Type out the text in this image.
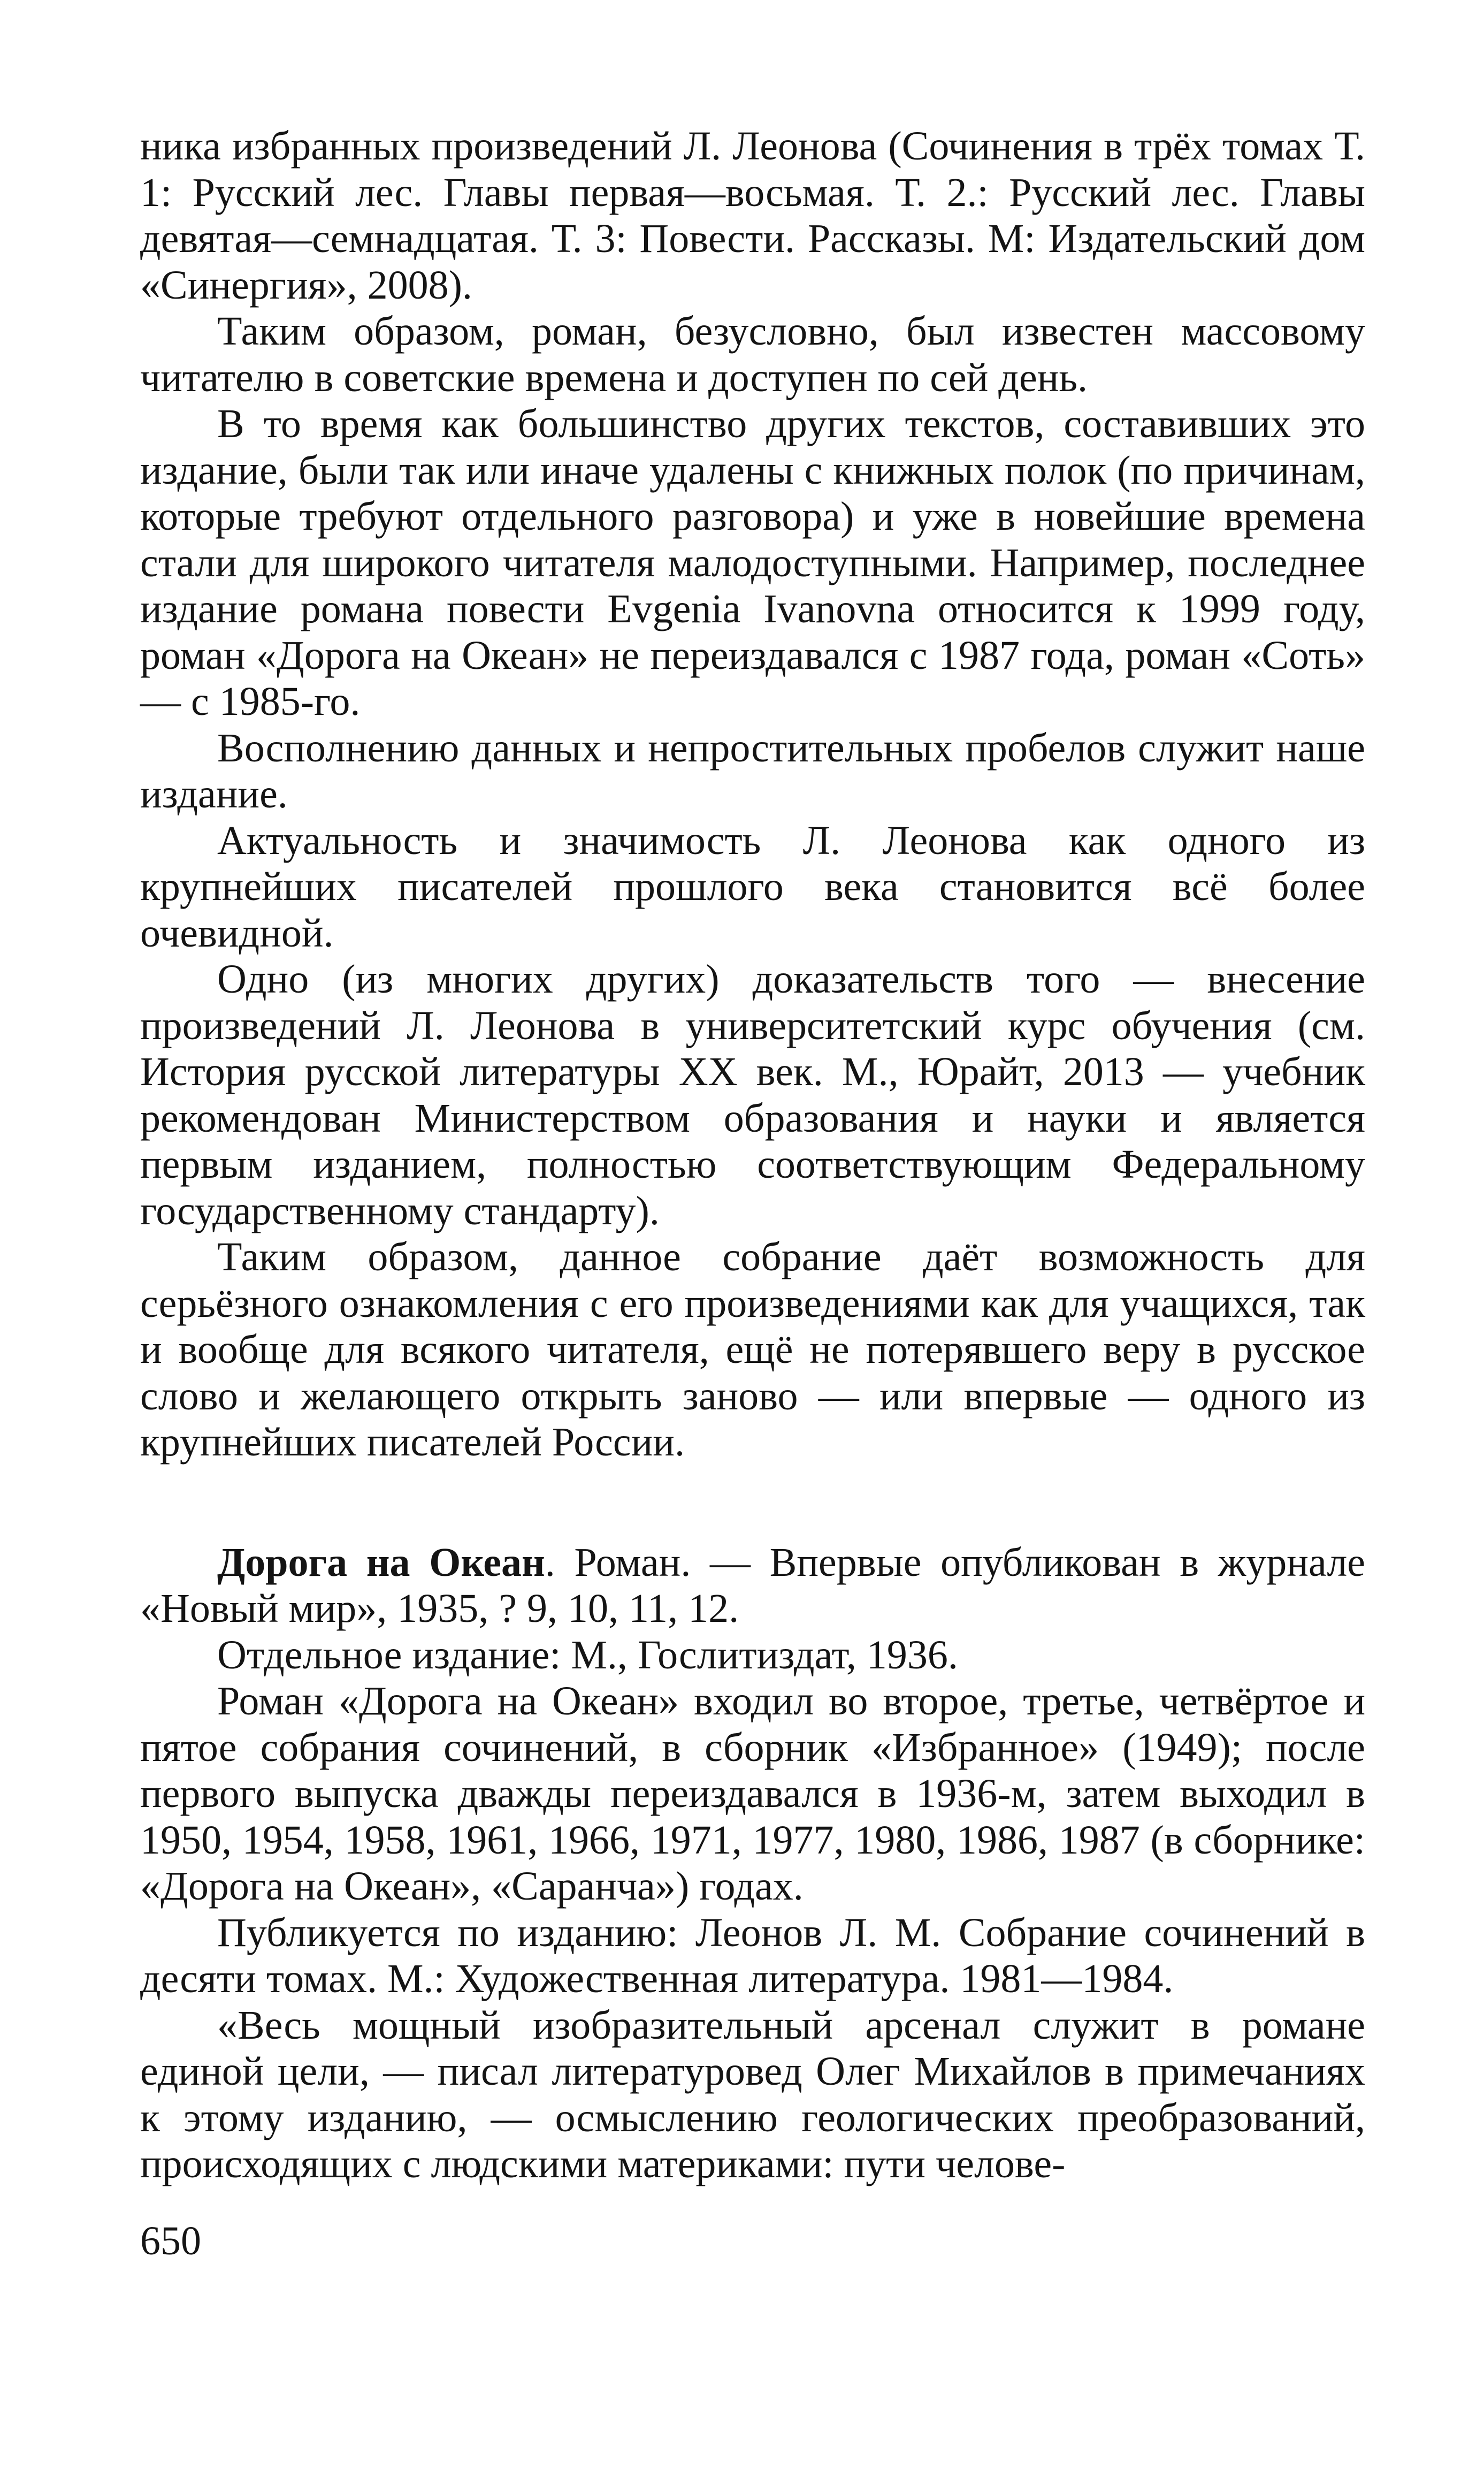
ника избранных произведений Л. Леонова (Сочинения в трёх томах Т. 1: Русский лес. Главы первая—восьмая. Т. 2.: Русский лес. Главы девятая—семнадцатая. Т. 3: Повести. Рассказы. М: Издательский дом «Синергия», 2008).

Таким образом, роман, безусловно, был известен массовому читателю в советские времена и доступен по сей день.

В то время как большинство других текстов, составивших это издание, были так или иначе удалены с книжных полок (по причинам, которые требуют отдельного разговора) и уже в новейшие времена стали для широкого читателя малодоступными. Например, последнее издание романа повести Evgenia Ivanovna относится к 1999 году, роман «Дорога на Океан» не переиздавался с 1987 года, роман «Соть» — с 1985-го.

Восполнению данных и непростительных пробелов служит наше издание.

Актуальность и значимость Л. Леонова как одного из крупнейших писателей прошлого века становится всё более очевидной.

Одно (из многих других) доказательств того — внесение произведений Л. Леонова в университетский курс обучения (см. История русской литературы XX век. М., Юрайт, 2013 — учебник рекомендован Министерством образования и науки и является первым изданием, полностью соответствующим Федеральному государственному стандарту).

Таким образом, данное собрание даёт возможность для серьёзного ознакомления с его произведениями как для учащихся, так и вообще для всякого читателя, ещё не потерявшего веру в русское слово и желающего открыть заново — или впервые — одного из крупнейших писателей России.

Дорога на Океан. Роман. — Впервые опубликован в журнале «Новый мир», 1935, ? 9, 10, 11, 12.

Отдельное издание: М., Гослитиздат, 1936.

Роман «Дорога на Океан» входил во второе, третье, четвёртое и пятое собрания сочинений, в сборник «Избранное» (1949); после первого выпуска дважды переиздавался в 1936-м, затем выходил в 1950, 1954, 1958, 1961, 1966, 1971, 1977, 1980, 1986, 1987 (в сборнике: «Дорога на Океан», «Саранча») годах.

Публикуется по изданию: Леонов Л. М. Собрание сочинений в десяти томах. М.: Художественная литература. 1981—1984.

«Весь мощный изобразительный арсенал служит в романе единой цели, — писал литературовед Олег Михайлов в примечаниях к этому изданию, — осмыслению геологических преобразований, происходящих с людскими материками: пути челове-

650
